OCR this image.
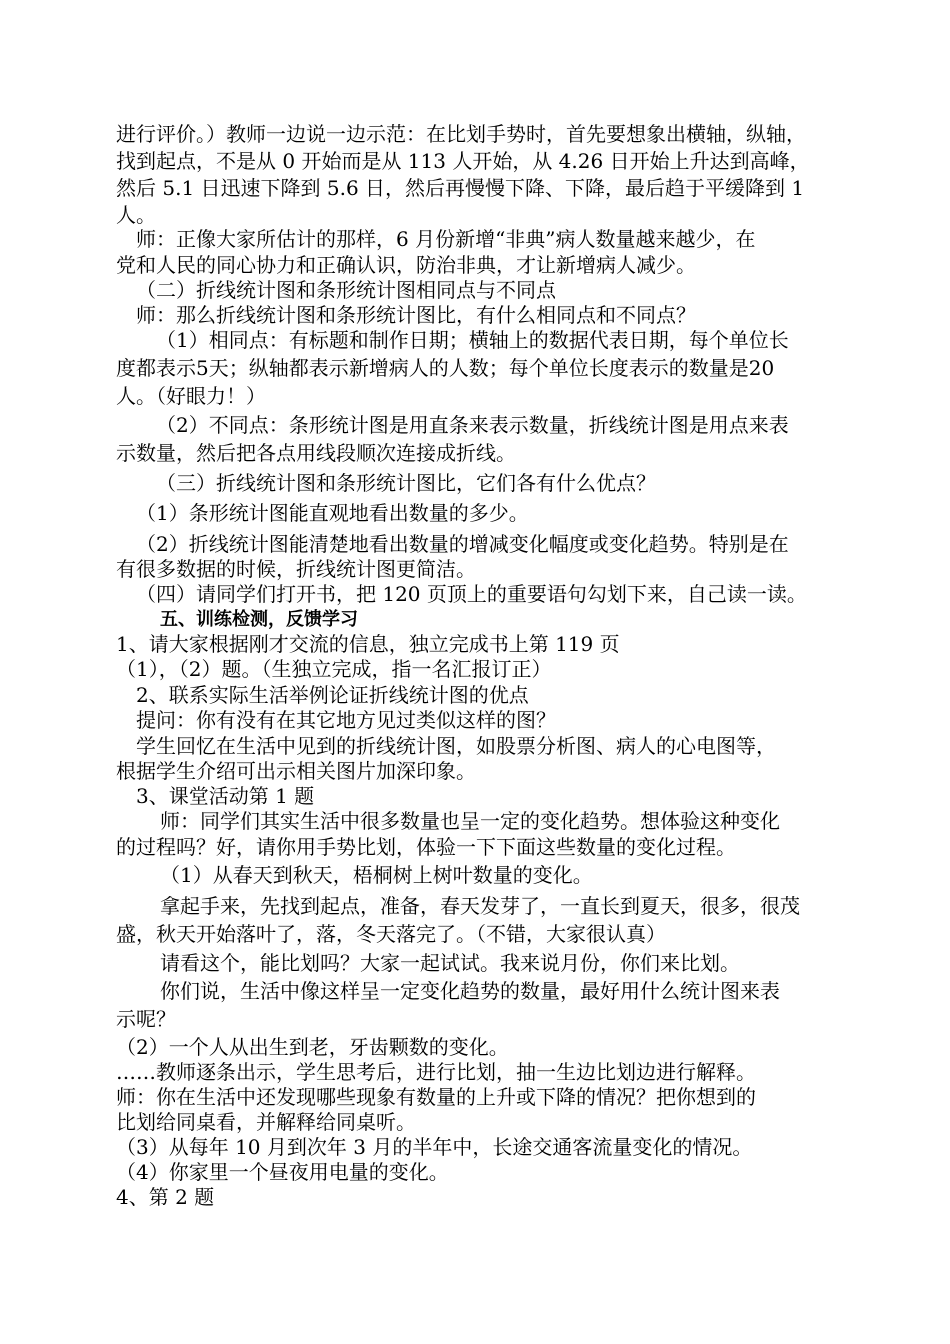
进行评价。）教师一边说一边示范：在比划手势时，首先要想象出横轴，纵轴，
找到起点，不是从 0 开始而是从 113 人开始，从 4.26 日开始上升达到高峰，
然后 5.1 日迅速下降到 5.6 日，然后再慢慢下降、下降，最后趋于平缓降到 1
人。
师：正像大家所估计的那样，6 月份新增“非典”病人数量越来越少，在
党和人民的同心协力和正确认识，防治非典，才让新增病人减少。
（二）折线统计图和条形统计图相同点与不同点
师：那么折线统计图和条形统计图比，有什么相同点和不同点？
（1）相同点：有标题和制作日期；横轴上的数据代表日期，每个单位长
度都表示5天；纵轴都表示新增病人的人数；每个单位长度表示的数量是20
人。（好眼力！）
（2）不同点：条形统计图是用直条来表示数量，折线统计图是用点来表
示数量，然后把各点用线段顺次连接成折线。
（三）折线统计图和条形统计图比，它们各有什么优点？
（1）条形统计图能直观地看出数量的多少。
（2）折线统计图能清楚地看出数量的增减变化幅度或变化趋势。特别是在
有很多数据的时候，折线统计图更简洁。
（四）请同学们打开书，把 120 页顶上的重要语句勾划下来，自己读一读。
五、训练检测，反馈学习
1、请大家根据刚才交流的信息，独立完成书上第 119 页
（1），（2）题。（生独立完成，指一名汇报订正）
2、联系实际生活举例论证折线统计图的优点
提问：你有没有在其它地方见过类似这样的图？
学生回忆在生活中见到的折线统计图，如股票分析图、病人的心电图等，
根据学生介绍可出示相关图片加深印象。
3、课堂活动第 1 题
师：同学们其实生活中很多数量也呈一定的变化趋势。想体验这种变化
的过程吗？好，请你用手势比划，体验一下下面这些数量的变化过程。
（1）从春天到秋天，梧桐树上树叶数量的变化。
拿起手来，先找到起点，准备，春天发芽了，一直长到夏天，很多，很茂
盛，秋天开始落叶了，落，冬天落完了。（不错，大家很认真）
请看这个，能比划吗？大家一起试试。我来说月份，你们来比划。
你们说，生活中像这样呈一定变化趋势的数量，最好用什么统计图来表
示呢？
（2）一个人从出生到老，牙齿颗数的变化。
……教师逐条出示，学生思考后，进行比划，抽一生边比划边进行解释。
师：你在生活中还发现哪些现象有数量的上升或下降的情况？把你想到的
比划给同桌看，并解释给同桌听。
（3）从每年 10 月到次年 3 月的半年中，长途交通客流量变化的情况。
（4）你家里一个昼夜用电量的变化。
4、第 2 题
